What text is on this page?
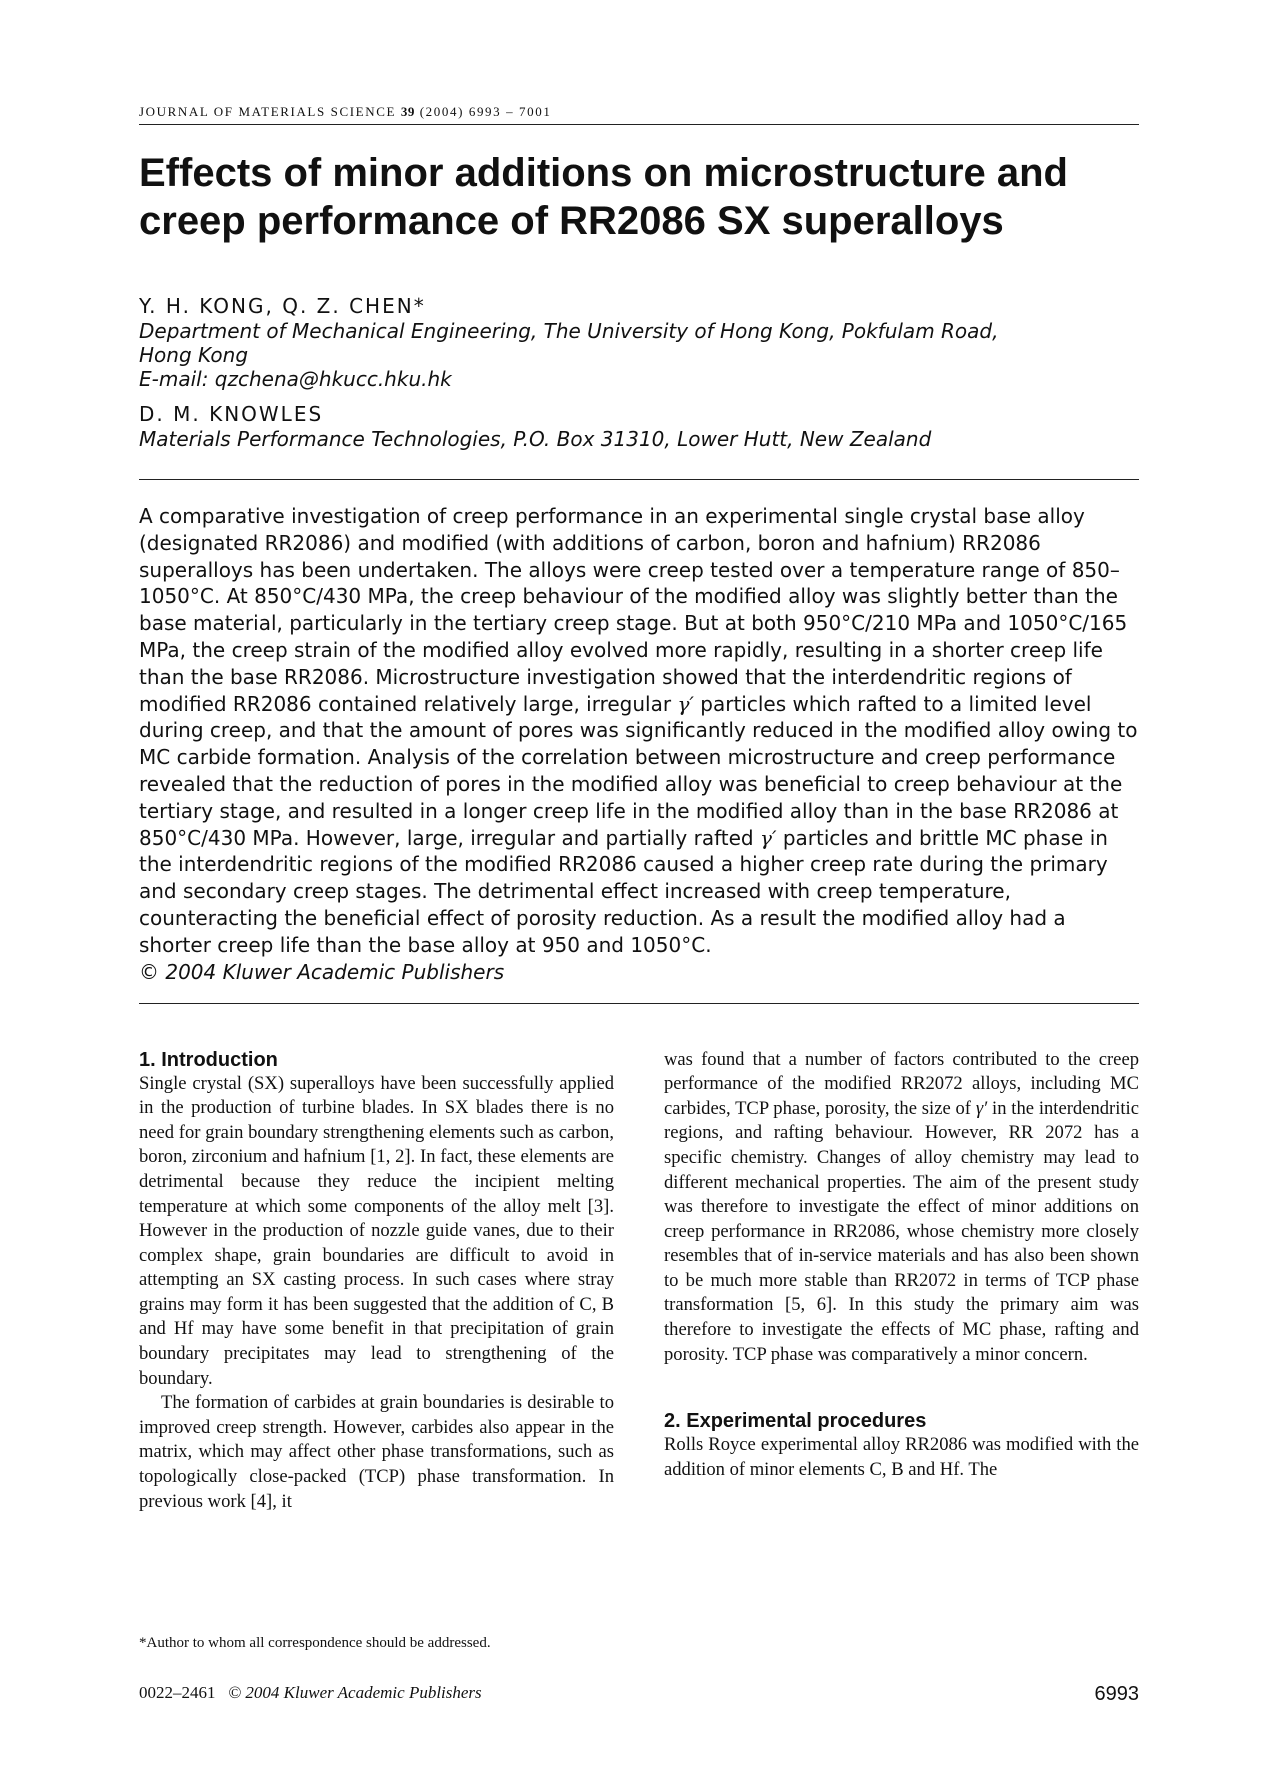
JOURNAL OF MATERIALS SCIENCE 39 (2004) 6993 – 7001
Effects of minor additions on microstructure and creep performance of RR2086 SX superalloys
Y. H. KONG, Q. Z. CHEN*
Department of Mechanical Engineering, The University of Hong Kong, Pokfulam Road,
Hong Kong
E-mail: qzchena@hkucc.hku.hk
D. M. KNOWLES
Materials Performance Technologies, P.O. Box 31310, Lower Hutt, New Zealand
A comparative investigation of creep performance in an experimental single crystal base alloy (designated RR2086) and modified (with additions of carbon, boron and hafnium) RR2086 superalloys has been undertaken. The alloys were creep tested over a temperature range of 850–1050°C. At 850°C/430 MPa, the creep behaviour of the modified alloy was slightly better than the base material, particularly in the tertiary creep stage. But at both 950°C/210 MPa and 1050°C/165 MPa, the creep strain of the modified alloy evolved more rapidly, resulting in a shorter creep life than the base RR2086. Microstructure investigation showed that the interdendritic regions of modified RR2086 contained relatively large, irregular γ′ particles which rafted to a limited level during creep, and that the amount of pores was significantly reduced in the modified alloy owing to MC carbide formation. Analysis of the correlation between microstructure and creep performance revealed that the reduction of pores in the modified alloy was beneficial to creep behaviour at the tertiary stage, and resulted in a longer creep life in the modified alloy than in the base RR2086 at 850°C/430 MPa. However, large, irregular and partially rafted γ′ particles and brittle MC phase in the interdendritic regions of the modified RR2086 caused a higher creep rate during the primary and secondary creep stages. The detrimental effect increased with creep temperature, counteracting the beneficial effect of porosity reduction. As a result the modified alloy had a shorter creep life than the base alloy at 950 and 1050°C.
© 2004 Kluwer Academic Publishers
1. Introduction

Single crystal (SX) superalloys have been successfully applied in the production of turbine blades. In SX blades there is no need for grain boundary strengthening elements such as carbon, boron, zirconium and hafnium [1, 2]. In fact, these elements are detrimental because they reduce the incipient melting temperature at which some components of the alloy melt [3]. However in the production of nozzle guide vanes, due to their complex shape, grain boundaries are difficult to avoid in attempting an SX casting process. In such cases where stray grains may form it has been suggested that the addition of C, B and Hf may have some benefit in that precipitation of grain boundary precipitates may lead to strengthening of the boundary.

The formation of carbides at grain boundaries is desirable to improved creep strength. However, carbides also appear in the matrix, which may affect other phase transformations, such as topologically close-packed (TCP) phase transformation. In previous work [4], it

was found that a number of factors contributed to the creep performance of the modified RR2072 alloys, including MC carbides, TCP phase, porosity, the size of γ′ in the interdendritic regions, and rafting behaviour. However, RR 2072 has a specific chemistry. Changes of alloy chemistry may lead to different mechanical properties. The aim of the present study was therefore to investigate the effect of minor additions on creep performance in RR2086, whose chemistry more closely resembles that of in-service materials and has also been shown to be much more stable than RR2072 in terms of TCP phase transformation [5, 6]. In this study the primary aim was therefore to investigate the effects of MC phase, rafting and porosity. TCP phase was comparatively a minor concern.

2. Experimental procedures

Rolls Royce experimental alloy RR2086 was modified with the addition of minor elements C, B and Hf. The

*Author to whom all correspondence should be addressed.
0022–2461 © 2004 Kluwer Academic Publishers	6993
